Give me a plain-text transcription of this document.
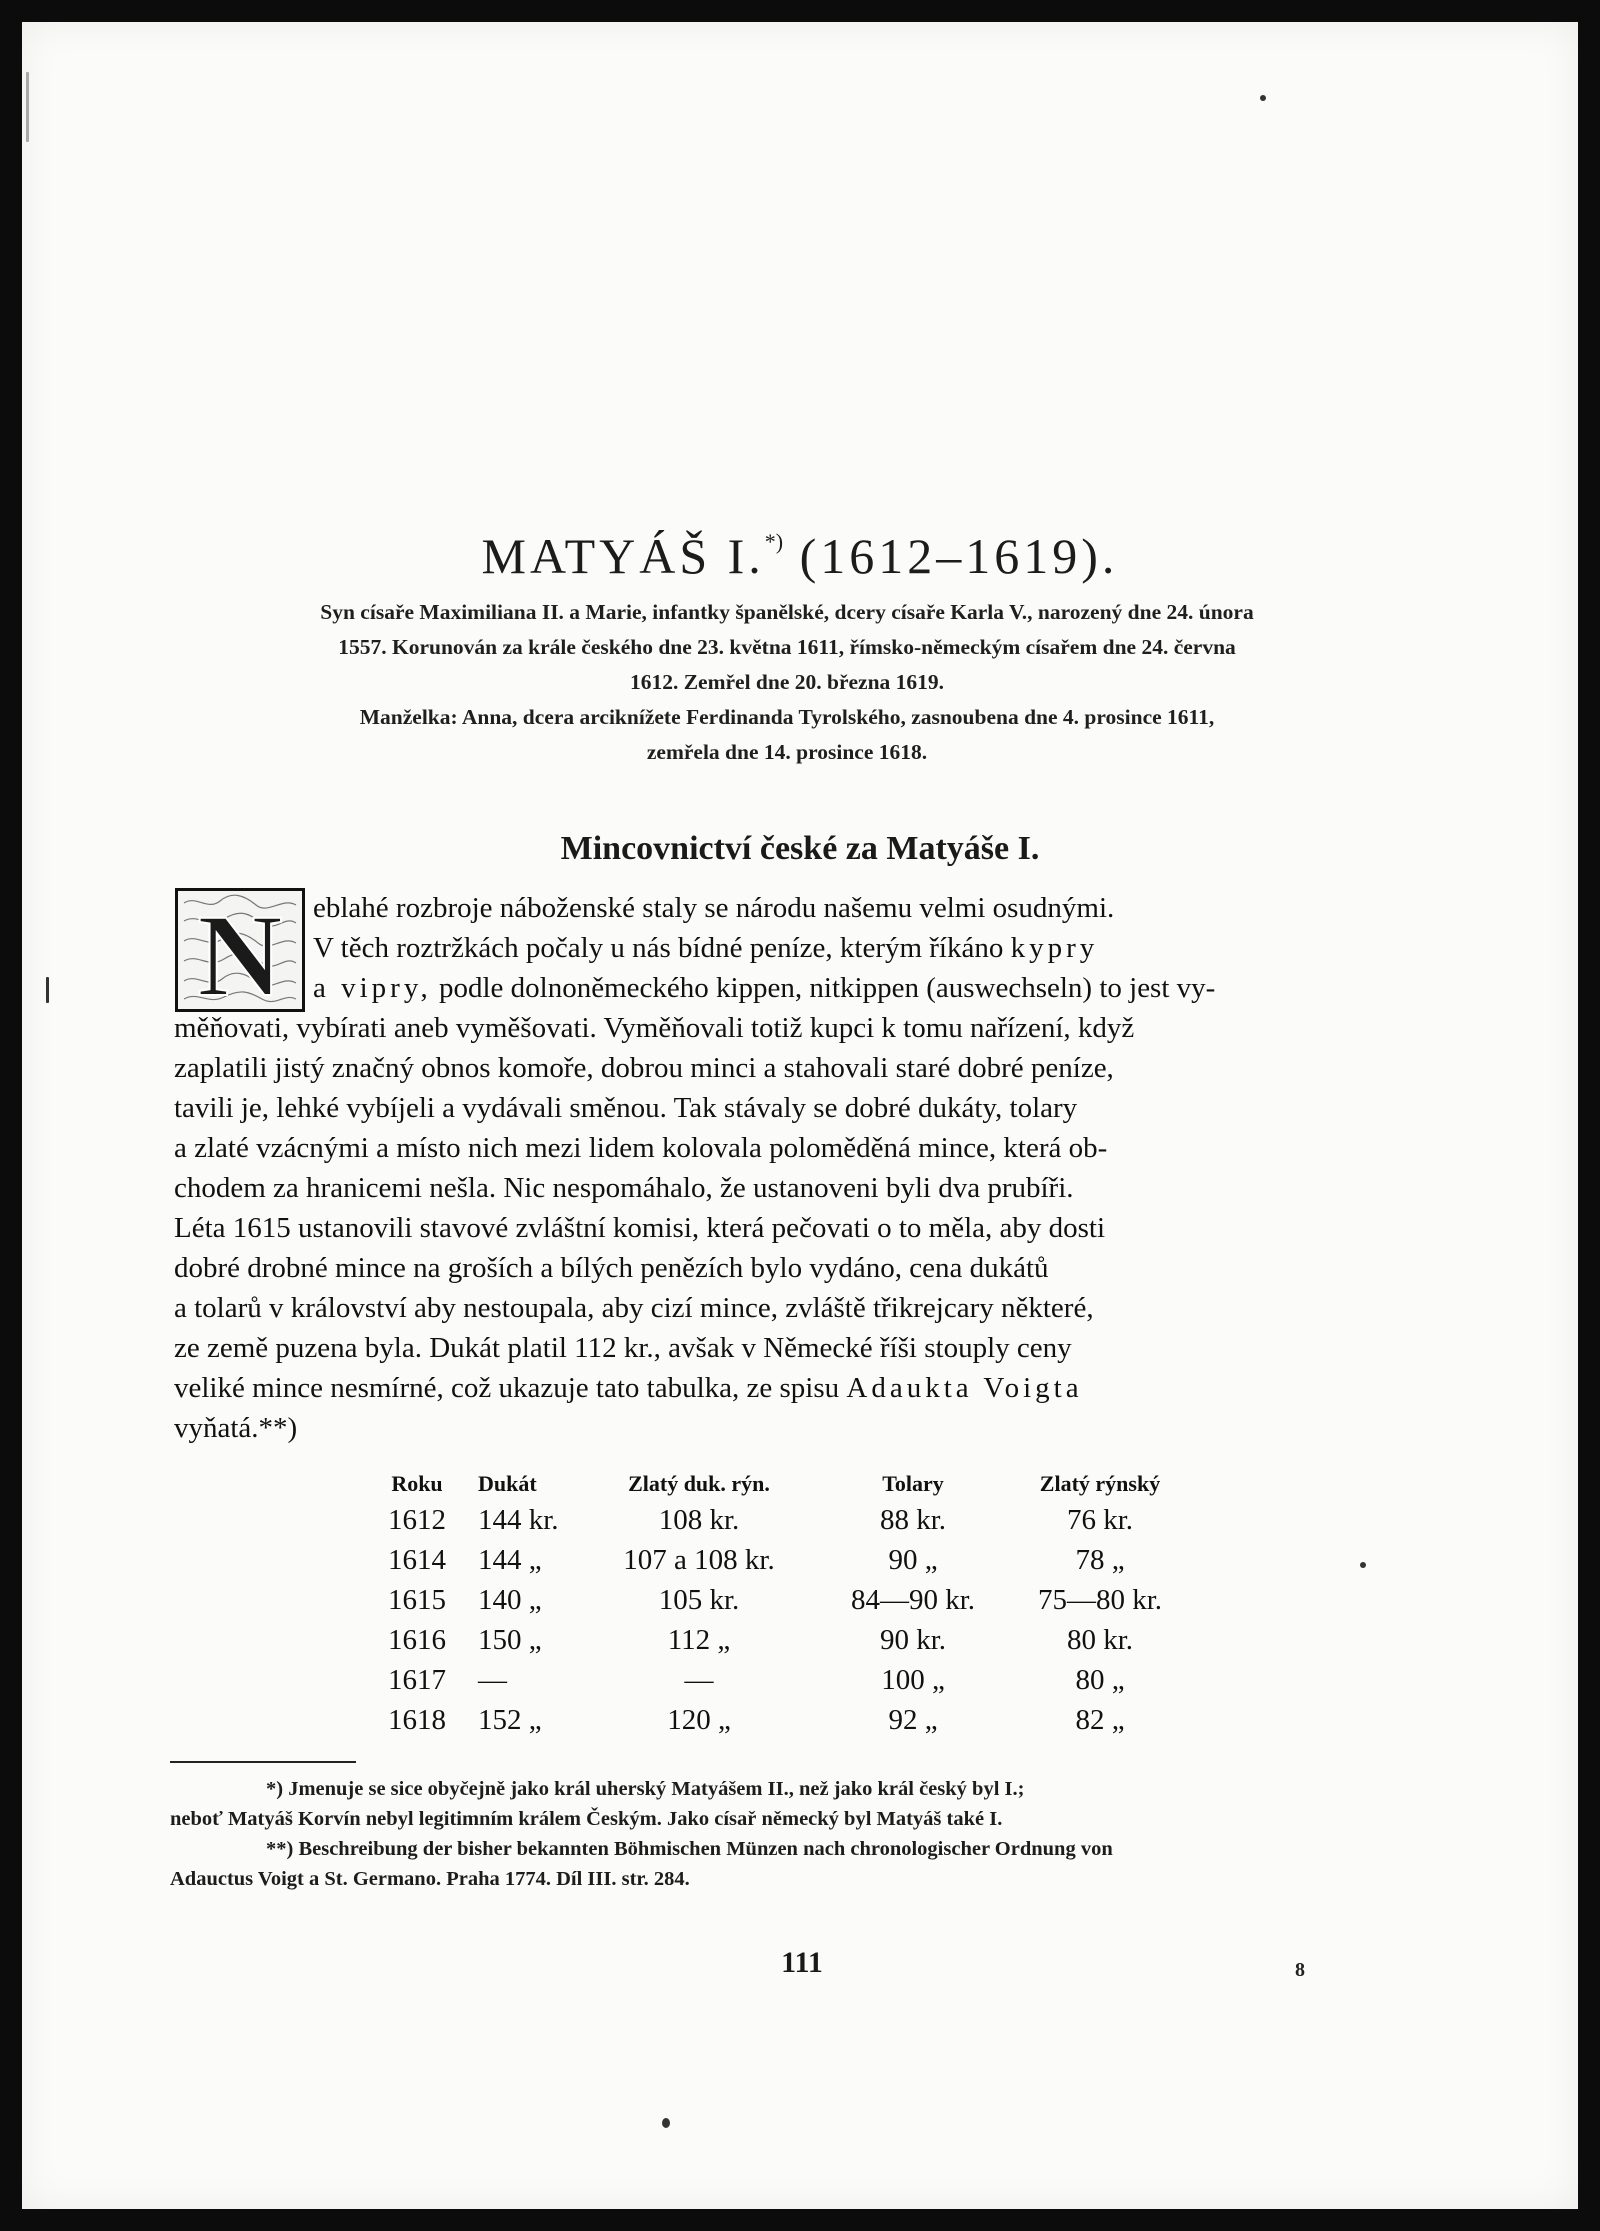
MATYÁŠ I.*) (1612–1619).

Syn císaře Maximiliana II. a Marie, infantky španělské, dcery císaře Karla V., narozený dne 24. února
1557. Korunován za krále českého dne 23. května 1611, římsko-německým císařem dne 24. června
1612. Zemřel dne 20. března 1619.
Manželka: Anna, dcera arciknížete Ferdinanda Tyrolského, zasnoubena dne 4. prosince 1611,
zemřela dne 14. prosince 1618.

Mincovnictví české za Matyáše I.
eblahé rozbroje náboženské staly se národu našemu velmi osudnými.
V těch roztržkách počaly u nás bídné peníze, kterým říkáno kypry
a vipry, podle dolnoněmeckého kippen, nitkippen (auswechseln) to jest vy-
měňovati, vybírati aneb vyměšovati. Vyměňovali totiž kupci k tomu nařízení, když
zaplatili jistý značný obnos komoře, dobrou minci a stahovali staré dobré peníze,
tavili je, lehké vybíjeli a vydávali směnou. Tak stávaly se dobré dukáty, tolary
a zlaté vzácnými a místo nich mezi lidem kolovala poloměděná mince, která ob-
chodem za hranicemi nešla. Nic nespomáhalo, že ustanoveni byli dva prubíři.
Léta 1615 ustanovili stavové zvláštní komisi, která pečovati o to měla, aby dosti
dobré drobné mince na groších a bílých penězích bylo vydáno, cena dukátů
a tolarů v království aby nestoupala, aby cizí mince, zvláště třikrejcary některé,
ze země puzena byla. Dukát platil 112 kr., avšak v Německé říši stouply ceny
veliké mince nesmírné, což ukazuje tato tabulka, ze spisu Adaukta Voigta
vyňatá.**)
N
Roku	Dukát	Zlatý duk. rýn.	Tolary	Zlatý rýnský
1612	144 kr.	108 kr.	88 kr.	76 kr.
1614	144 „	107 a 108 kr.	90 „	78 „
1615	140 „	105 kr.	84—90 kr.	75—80 kr.
1616	150 „	112 „	90 kr.	80 kr.
1617	—	—	100 „	80 „
1618	152 „	120 „	92 „	82 „
*) Jmenuje se sice obyčejně jako král uherský Matyášem II., než jako král český byl I.;
neboť Matyáš Korvín nebyl legitimním králem Českým. Jako císař německý byl Matyáš také I.
**) Beschreibung der bisher bekannten Böhmischen Münzen nach chronologischer Ordnung von
Adauctus Voigt a St. Germano. Praha 1774. Díl III. str. 284.
111	8
